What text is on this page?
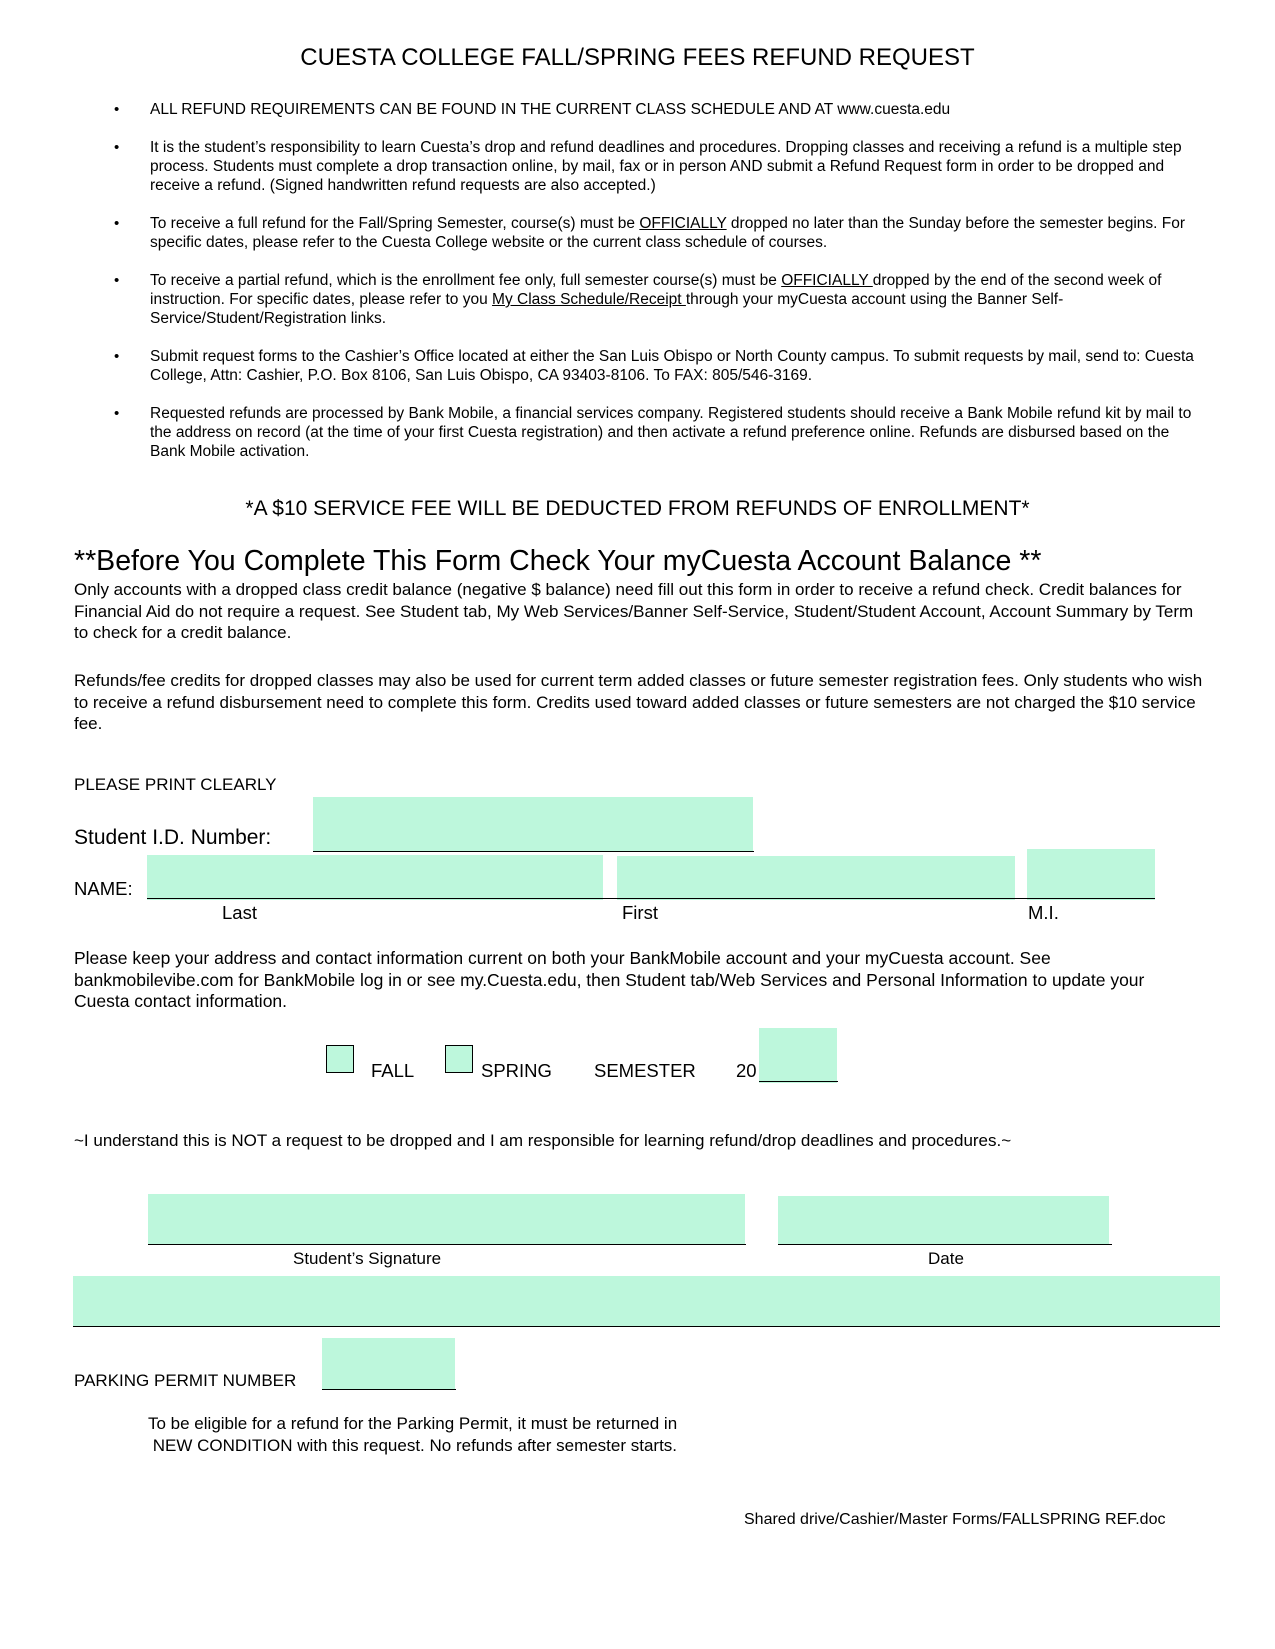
CUESTA COLLEGE FALL/SPRING FEES REFUND REQUEST
• ALL REFUND REQUIREMENTS CAN BE FOUND IN THE CURRENT CLASS SCHEDULE AND AT www.cuesta.edu
• It is the student’s responsibility to learn Cuesta’s drop and refund deadlines and procedures. Dropping classes and receiving a refund is a multiple step process. Students must complete a drop transaction online, by mail, fax or in person AND submit a Refund Request form in order to be dropped and receive a refund. (Signed handwritten refund requests are also accepted.)
• To receive a full refund for the Fall/Spring Semester, course(s) must be OFFICIALLY dropped no later than the Sunday before the semester begins. For specific dates, please refer to the Cuesta College website or the current class schedule of courses.
• To receive a partial refund, which is the enrollment fee only, full semester course(s) must be OFFICIALLY dropped by the end of the second week of instruction. For specific dates, please refer to you My Class Schedule/Receipt through your myCuesta account using the Banner Self-Service/Student/Registration links.
• Submit request forms to the Cashier’s Office located at either the San Luis Obispo or North County campus. To submit requests by mail, send to: Cuesta College, Attn: Cashier, P.O. Box 8106, San Luis Obispo, CA 93403-8106. To FAX: 805/546-3169.
• Requested refunds are processed by Bank Mobile, a financial services company. Registered students should receive a Bank Mobile refund kit by mail to the address on record (at the time of your first Cuesta registration) and then activate a refund preference online. Refunds are disbursed based on the Bank Mobile activation.
*A $10 SERVICE FEE WILL BE DEDUCTED FROM REFUNDS OF ENROLLMENT*
**Before You Complete This Form Check Your myCuesta Account Balance **
Only accounts with a dropped class credit balance (negative $ balance) need fill out this form in order to receive a refund check. Credit balances for Financial Aid do not require a request. See Student tab, My Web Services/Banner Self-Service, Student/Student Account, Account Summary by Term to check for a credit balance.
Refunds/fee credits for dropped classes may also be used for current term added classes or future semester registration fees. Only students who wish to receive a refund disbursement need to complete this form. Credits used toward added classes or future semesters are not charged the $10 service fee.
PLEASE PRINT CLEARLY
Student I.D. Number:
NAME:
Last	First	M.I.
Please keep your address and contact information current on both your BankMobile account and your myCuesta account. See bankmobilevibe.com for BankMobile log in or see my.Cuesta.edu, then Student tab/Web Services and Personal Information to update your Cuesta contact information.
FALL	SPRING SEMESTER 20
~I understand this is NOT a request to be dropped and I am responsible for learning refund/drop deadlines and procedures.~
Student’s Signature	Date
PARKING PERMIT NUMBER
To be eligible for a refund for the Parking Permit, it must be returned in
NEW CONDITION with this request. No refunds after semester starts.
Shared drive/Cashier/Master Forms/FALLSPRING REF.doc
